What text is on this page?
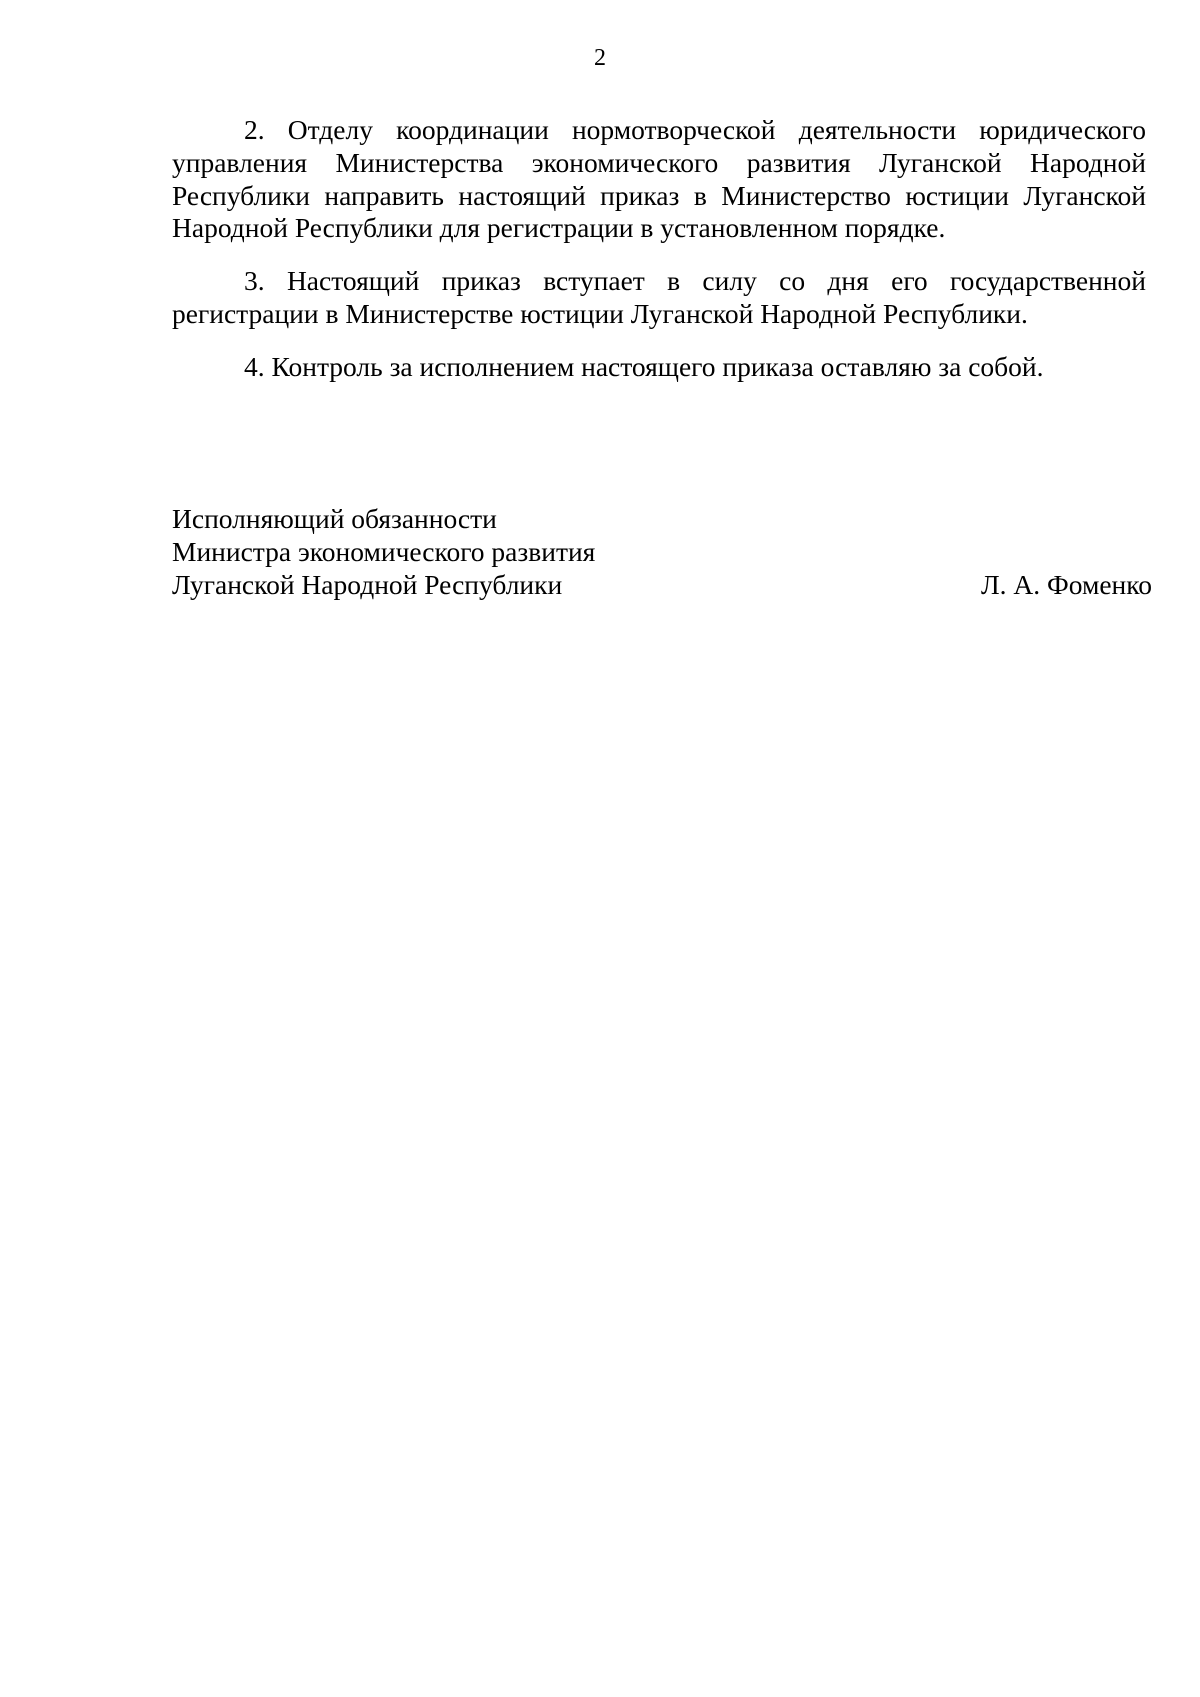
2

2. Отделу координации нормотворческой деятельности юридического управления Министерства экономического развития Луганской Народной Республики направить настоящий приказ в Министерство юстиции Луганской Народной Республики для регистрации в установленном порядке.

3. Настоящий приказ вступает в силу со дня его государственной регистрации в Министерстве юстиции Луганской Народной Республики.

4. Контроль за исполнением настоящего приказа оставляю за собой.

Исполняющий обязанности
Министра экономического развития
Луганской Народной Республики	Л. А. Фоменко
